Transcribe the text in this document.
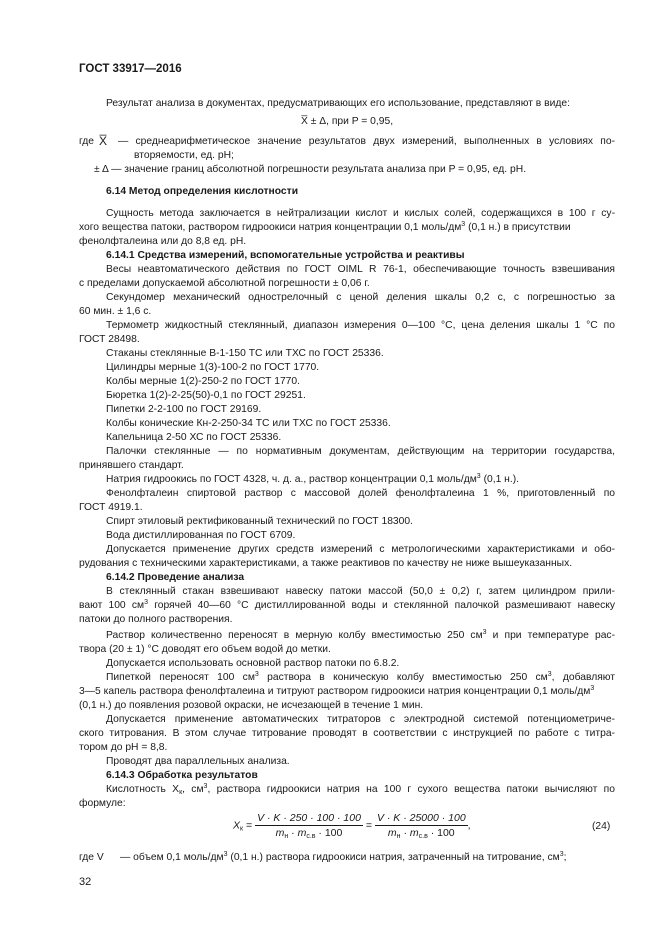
ГОСТ 33917—2016
Результат анализа в документах, предусматривающих его использование, представляют в виде:
X̅ ± Δ, при P = 0,95,
где X̅ — среднеарифметическое значение результатов двух измерений, выполненных в условиях по-
вторяемости, ед. pH;
± Δ — значение границ абсолютной погрешности результата анализа при P = 0,95, ед. pH.
6.14 Метод определения кислотности
Сущность метода заключается в нейтрализации кислот и кислых солей, содержащихся в 100 г су-
хого вещества патоки, раствором гидроокиси натрия концентрации 0,1 моль/$дм^3$ (0,1 н.) в присутствии
фенолфталеина или до 8,8 ед. pH.
6.14.1 Средства измерений, вспомогательные устройства и реактивы
Весы неавтоматического действия по ГОСТ OIML R 76-1, обеспечивающие точность взвешивания
с пределами допускаемой абсолютной погрешности ± 0,06 г.
Секундомер механический однострелочный с ценой деления шкалы 0,2 с, с погрешностью за
60 мин. ± 1,6 с.
Термометр жидкостный стеклянный, диапазон измерения 0—100 °С, цена деления шкалы 1 °С по
ГОСТ 28498.
Стаканы стеклянные В-1-150 ТС или ТХС по ГОСТ 25336.
Цилиндры мерные 1(3)-100-2 по ГОСТ 1770.
Колбы мерные 1(2)-250-2 по ГОСТ 1770.
Бюретка 1(2)-2-25(50)-0,1 по ГОСТ 29251.
Пипетки 2-2-100 по ГОСТ 29169.
Колбы конические Кн-2-250-34 ТС или ТХС по ГОСТ 25336.
Капельница 2-50 ХС по ГОСТ 25336.
Палочки стеклянные — по нормативным документам, действующим на территории государства,
принявшего стандарт.
Натрия гидроокись по ГОСТ 4328, ч. д. а., раствор концентрации 0,1 моль/$дм^3$ (0,1 н.).
Фенолфталеин спиртовой раствор с массовой долей фенолфталеина 1 %, приготовленный по
ГОСТ 4919.1.
Спирт этиловый ректификованный технический по ГОСТ 18300.
Вода дистиллированная по ГОСТ 6709.
Допускается применение других средств измерений с метрологическими характеристиками и обо-
рудования с техническими характеристиками, а также реактивов по качеству не ниже вышеуказанных.
6.14.2 Проведение анализа
В стеклянный стакан взвешивают навеску патоки массой (50,0 ± 0,2) г, затем цилиндром прили-
вают 100 $см^3$ горячей 40—60 °С дистиллированной воды и стеклянной палочкой размешивают навеску
патоки до полного растворения.
Раствор количественно переносят в мерную колбу вместимостью 250 $см^3$ и при температуре рас-
твора (20 ± 1) °С доводят его объем водой до метки.
Допускается использовать основной раствор патоки по 6.8.2.
Пипеткой переносят 100 $см^3$ раствора в коническую колбу вместимостью 250 $см^3$, добавляют
3—5 капель раствора фенолфталеина и титруют раствором гидроокиси натрия концентрации 0,1 моль/$дм^3$
(0,1 н.) до появления розовой окраски, не исчезающей в течение 1 мин.
Допускается применение автоматических титраторов с электродной системой потенциометриче-
ского титрования. В этом случае титрование проводят в соответствии с инструкцией по работе с титра-
тором до pH = 8,8.
Проводят два параллельных анализа.
6.14.3 Обработка результатов
Кислотность $X_к$, $см^3$, раствора гидроокиси натрия на 100 г сухого вещества патоки вычисляют по
формуле:
$X_к = \frac{V \cdot K \cdot 250 \cdot 100 \cdot 100}{m_н \cdot m_{с.в} \cdot 100} = \frac{V \cdot K \cdot 25000 \cdot 100}{m_н \cdot m_{с.в} \cdot 100}$ ,	(24)
где V — объем 0,1 моль/$дм^3$ (0,1 н.) раствора гидроокиси натрия, затраченный на титрование, $см^3$;
32
